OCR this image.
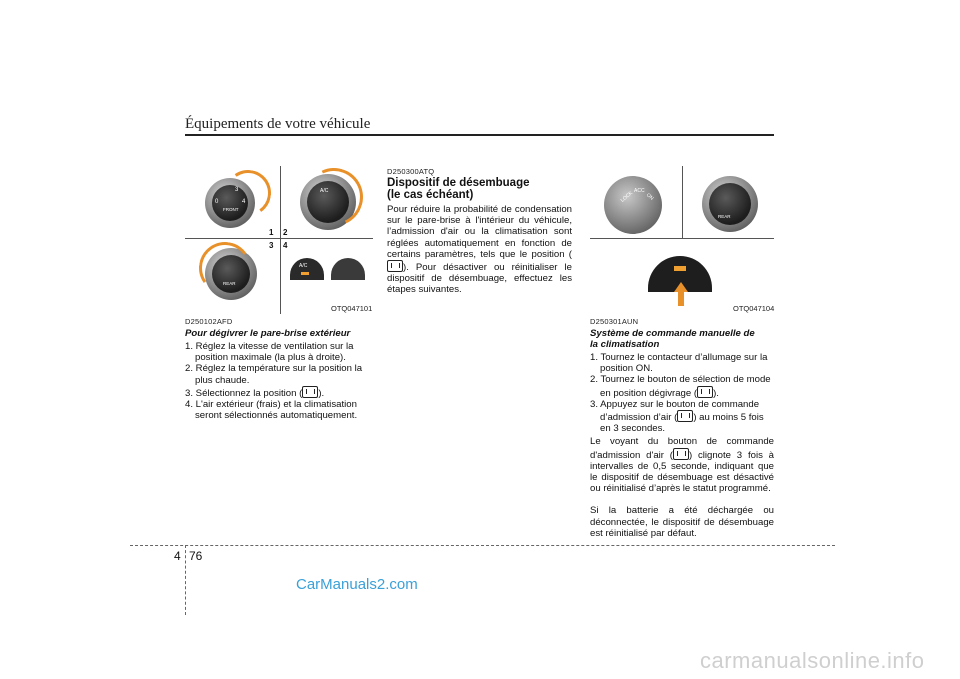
Équipements de votre véhicule
0
3
4
FRONT
A/C
1 2
3 4
REAR
A/C
OTQ047101
D250102AFD
Pour dégivrer le pare-brise extérieur
1. Réglez la vitesse de ventilation sur la position maximale (la plus à droite).
2. Réglez la température sur la position la plus chaude.
3. Sélectionnez la position ( ).
4. L'air extérieur (frais) et la climatisation seront sélectionnés automatiquement.
D250300ATQ
Dispositif de désembuage
(le cas échéant)
Pour réduire la probabilité de condensation sur le pare-brise à l'intérieur du véhicule, l’admission d'air ou la climatisation sont réglées automatiquement en fonction de certains paramètres, tels que le position (). Pour désactiver ou réinitialiser le dispositif de désembuage, effectuez les étapes suivantes.
LOCK ACC
ON
REAR
OTQ047104
D250301AUN
Système de commande manuelle de
la climatisation
1. Tournez le contacteur d’allumage sur la position ON.
2. Tournez le bouton de sélection de mode en position dégivrage ( ).
3. Appuyez sur le bouton de commande d’admission d’air ( ) au moins 5 fois en 3 secondes.
Le voyant du bouton de commande d'admission d'air ( ) clignote 3 fois à intervalles de 0,5 seconde, indiquant que le dispositif de désembuage est désactivé ou réinitialisé d’après le statut programmé.
Si la batterie a été déchargée ou déconnectée, le dispositif de désembuage est réinitialisé par défaut.
4 76
CarManuals2.com
carmanualsonline.info
